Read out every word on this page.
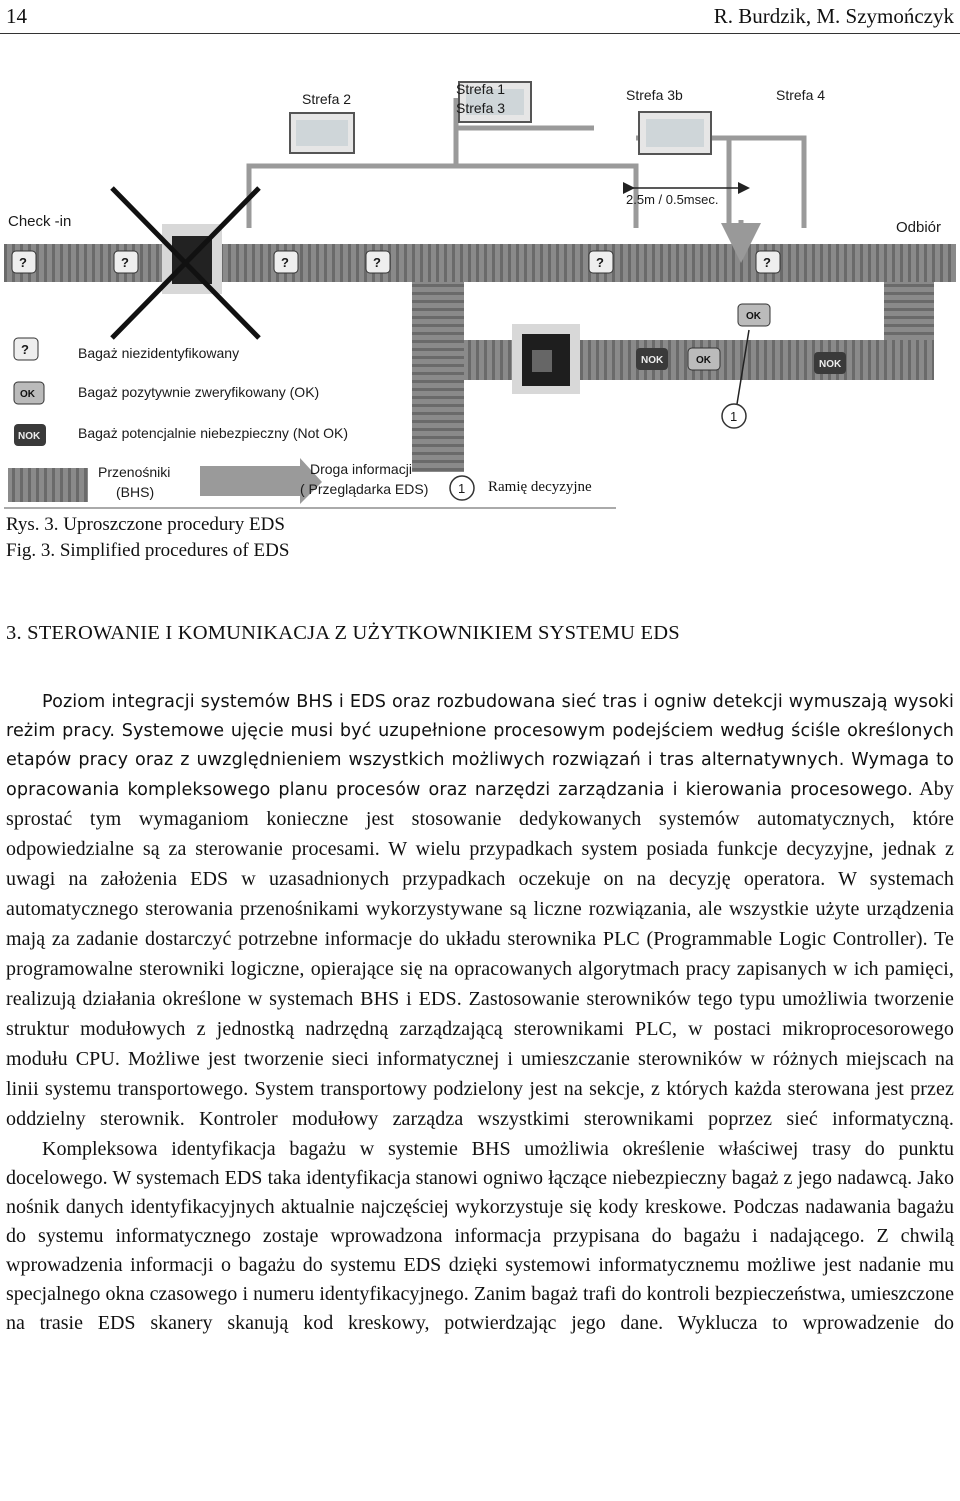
14	R. Burdzik, M. Szymończyk
Strefa 2
Strefa 1
Strefa 3
Strefa 3b	Strefa 4
Check -in	Odbiór
2.5m / 0.5msec.
?	?	?	?	?	?
NOK	OK	NOK
OK
1
?	Bagaż niezidentyfikowany
OK	Bagaż pozytywnie zweryfikowany (OK)
NOK	Bagaż potencjalnie niebezpieczny (Not OK)
Przenośniki
(BHS)
Droga informacji
( Przeglądarka EDS) 1 Ramię decyzyjne
Rys. 3. Uproszczone procedury EDS
Fig. 3. Simplified procedures of EDS
3. STEROWANIE I KOMUNIKACJA Z UŻYTKOWNIKIEM SYSTEMU EDS

Poziom integracji systemów BHS i EDS oraz rozbudowana sieć tras i ogniw detekcji wymuszają wysoki reżim pracy. Systemowe ujęcie musi być uzupełnione procesowym podejściem według ściśle określonych etapów pracy oraz z uwzględnieniem wszystkich możliwych rozwiązań i tras alternatywnych. Wymaga to opracowania kompleksowego planu procesów oraz narzędzi zarządzania i kierowania procesowego. Aby sprostać tym wymaganiom konieczne jest stosowanie dedykowanych systemów automatycznych, które odpowiedzialne są za sterowanie procesami. W wielu przypadkach system posiada funkcje decyzyjne, jednak z uwagi na założenia EDS w uzasadnionych przypadkach oczekuje on na decyzję operatora. W systemach automatycznego sterowania przenośnikami wykorzystywane są liczne rozwiązania, ale wszystkie użyte urządzenia mają za zadanie dostarczyć potrzebne informacje do układu sterownika PLC (Programmable Logic Controller). Te programowalne sterowniki logiczne, opierające się na opracowanych algorytmach pracy zapisanych w ich pamięci, realizują działania określone w systemach BHS i EDS. Zastosowanie sterowników tego typu umożliwia tworzenie struktur modułowych z jednostką nadrzędną zarządzającą sterownikami PLC, w postaci mikroprocesorowego modułu CPU. Możliwe jest tworzenie sieci informatycznej i umieszczanie sterowników w różnych miejscach na linii systemu transportowego. System transportowy podzielony jest na sekcje, z których każda sterowana jest przez oddzielny sterownik. Kontroler modułowy zarządza wszystkimi sterownikami poprzez sieć informatyczną.

Kompleksowa identyfikacja bagażu w systemie BHS umożliwia określenie właściwej trasy do punktu docelowego. W systemach EDS taka identyfikacja stanowi ogniwo łączące niebezpieczny bagaż z jego nadawcą. Jako nośnik danych identyfikacyjnych aktualnie najczęściej wykorzystuje się kody kreskowe. Podczas nadawania bagażu do systemu informatycznego zostaje wprowadzona informacja przypisana do bagażu i nadającego. Z chwilą wprowadzenia informacji o bagażu do systemu EDS dzięki systemowi informatycznemu możliwe jest nadanie mu specjalnego okna czasowego i numeru identyfikacyjnego. Zanim bagaż trafi do kontroli bezpieczeństwa, umieszczone na trasie EDS skanery skanują kod kreskowy, potwierdzając jego dane. Wyklucza to wprowadzenie do
